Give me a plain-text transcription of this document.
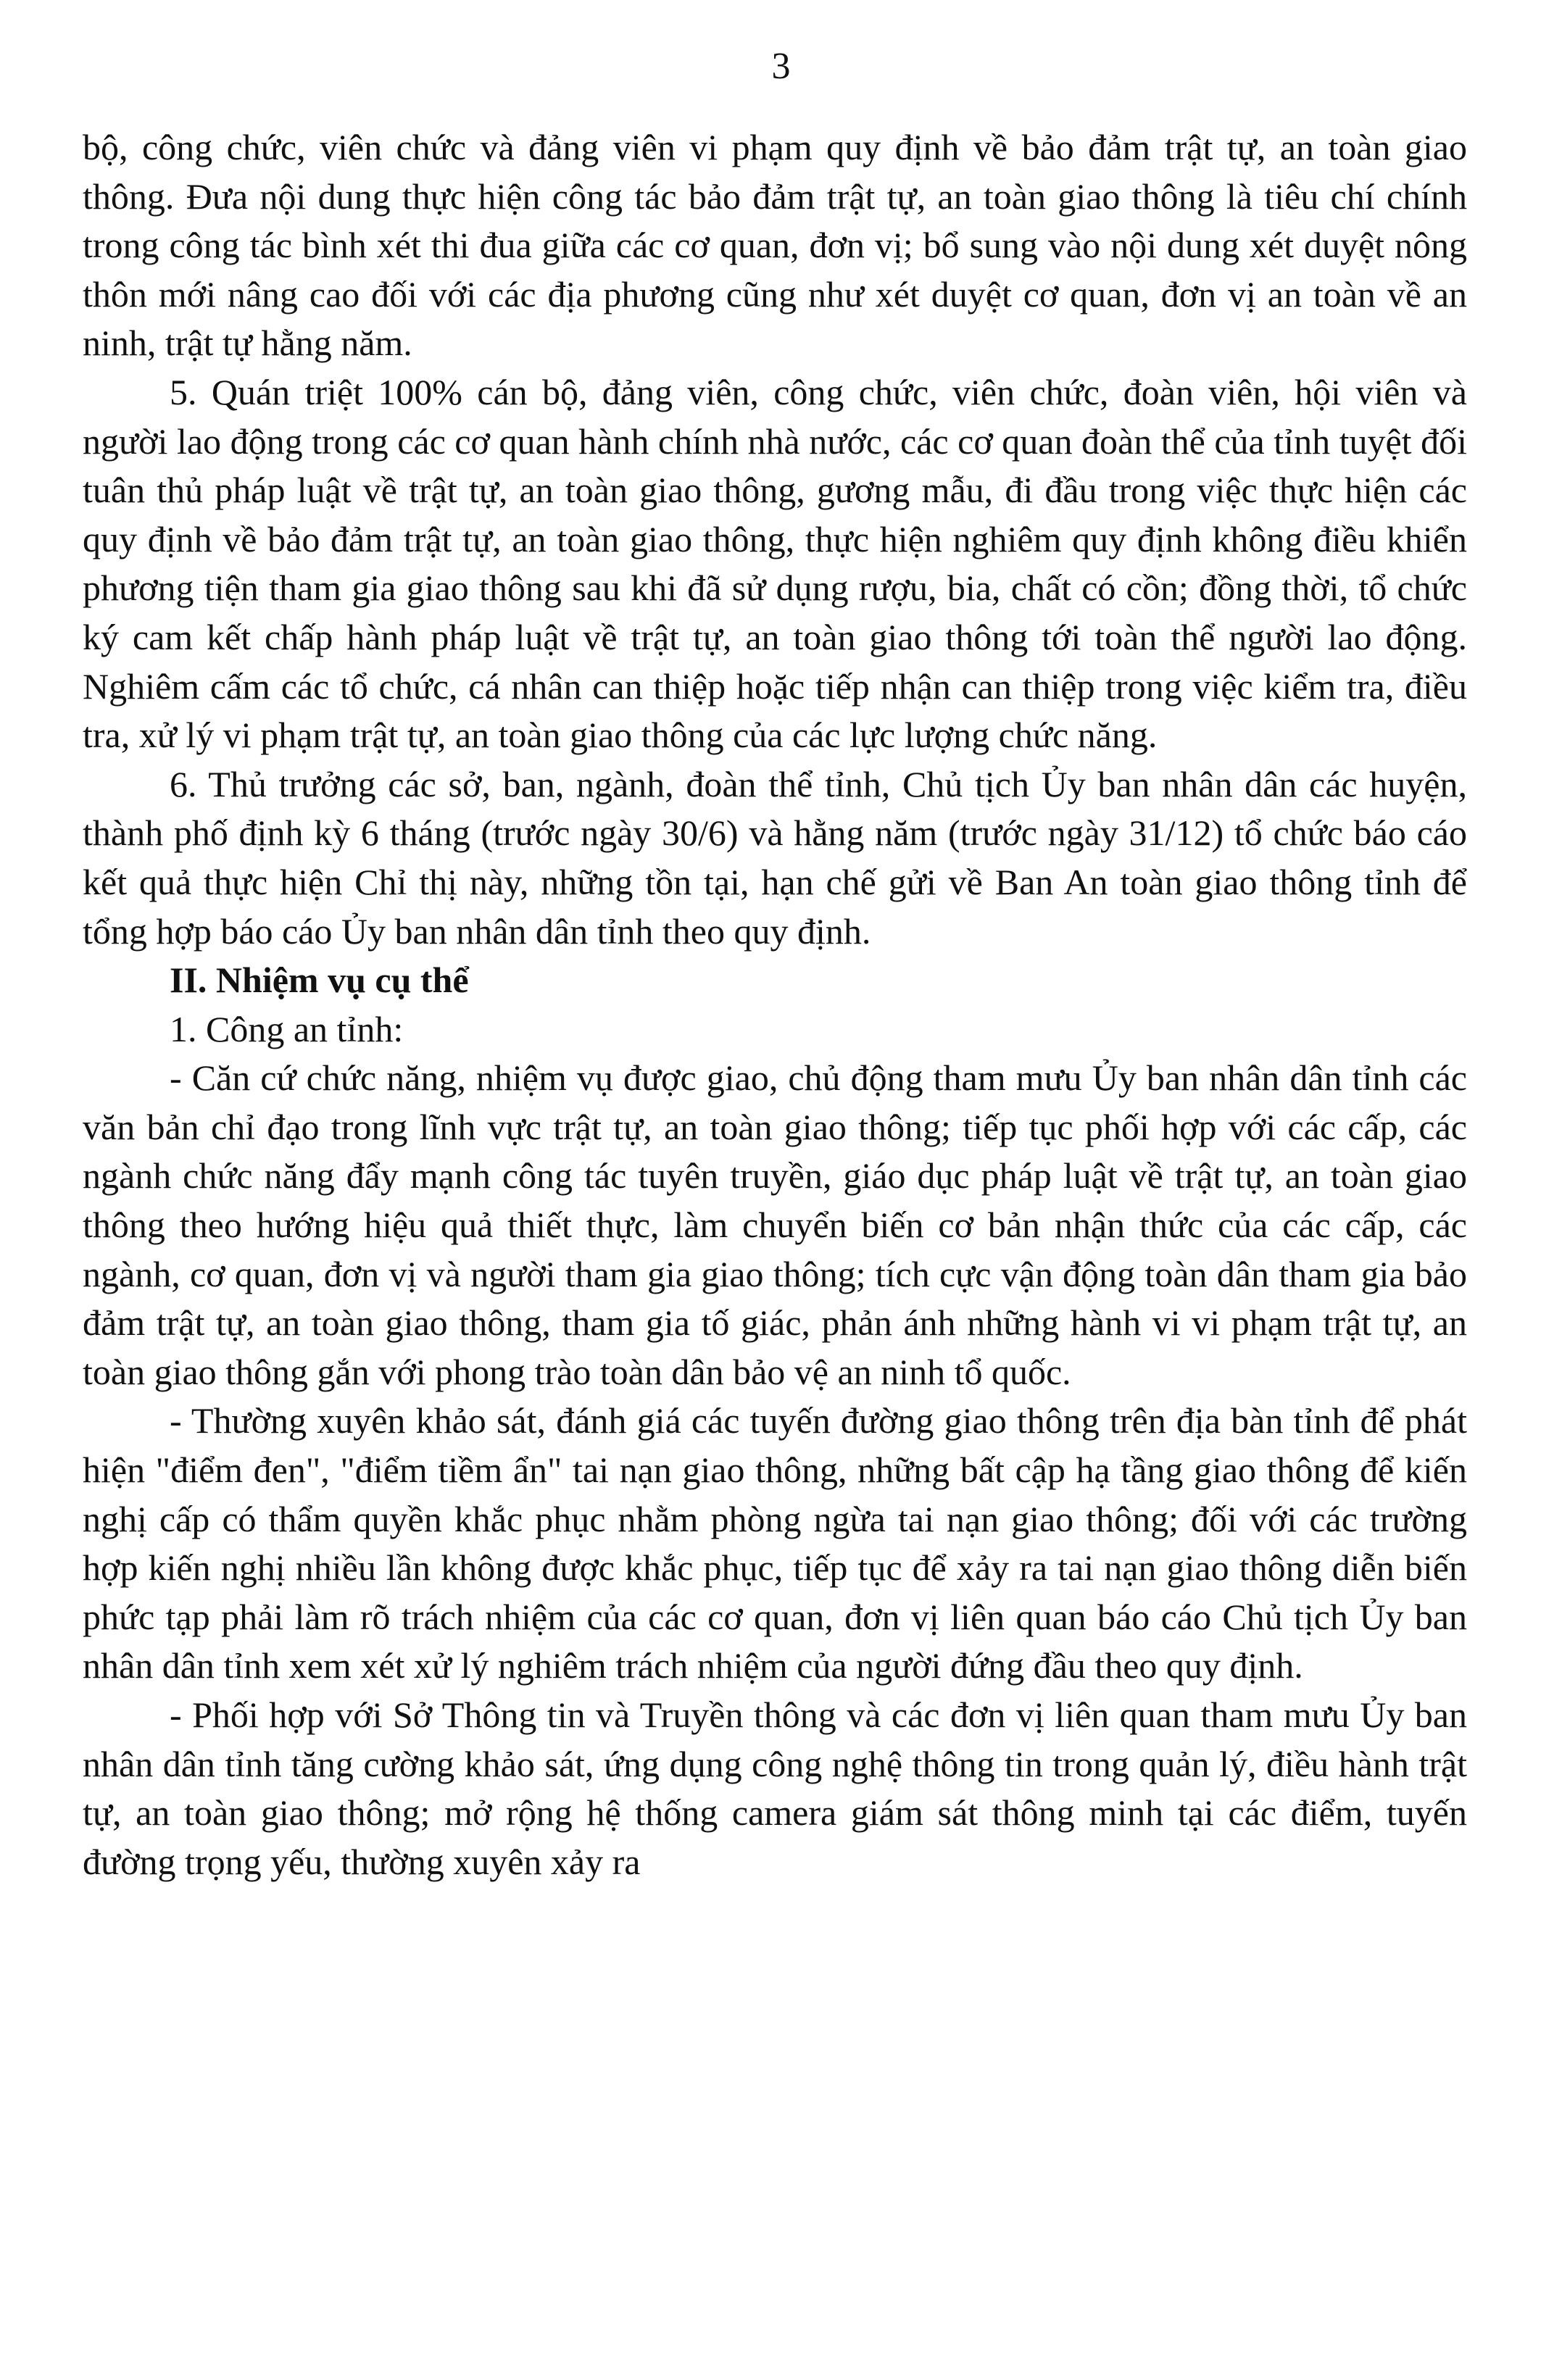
3

bộ, công chức, viên chức và đảng viên vi phạm quy định về bảo đảm trật tự, an toàn giao thông. Đưa nội dung thực hiện công tác bảo đảm trật tự, an toàn giao thông là tiêu chí chính trong công tác bình xét thi đua giữa các cơ quan, đơn vị; bổ sung vào nội dung xét duyệt nông thôn mới nâng cao đối với các địa phương cũng như xét duyệt cơ quan, đơn vị an toàn về an ninh, trật tự hằng năm.

5. Quán triệt 100% cán bộ, đảng viên, công chức, viên chức, đoàn viên, hội viên và người lao động trong các cơ quan hành chính nhà nước, các cơ quan đoàn thể của tỉnh tuyệt đối tuân thủ pháp luật về trật tự, an toàn giao thông, gương mẫu, đi đầu trong việc thực hiện các quy định về bảo đảm trật tự, an toàn giao thông, thực hiện nghiêm quy định không điều khiển phương tiện tham gia giao thông sau khi đã sử dụng rượu, bia, chất có cồn; đồng thời, tổ chức ký cam kết chấp hành pháp luật về trật tự, an toàn giao thông tới toàn thể người lao động. Nghiêm cấm các tổ chức, cá nhân can thiệp hoặc tiếp nhận can thiệp trong việc kiểm tra, điều tra, xử lý vi phạm trật tự, an toàn giao thông của các lực lượng chức năng.

6. Thủ trưởng các sở, ban, ngành, đoàn thể tỉnh, Chủ tịch Ủy ban nhân dân các huyện, thành phố định kỳ 6 tháng (trước ngày 30/6) và hằng năm (trước ngày 31/12) tổ chức báo cáo kết quả thực hiện Chỉ thị này, những tồn tại, hạn chế gửi về Ban An toàn giao thông tỉnh để tổng hợp báo cáo Ủy ban nhân dân tỉnh theo quy định.

II. Nhiệm vụ cụ thể

1. Công an tỉnh:

- Căn cứ chức năng, nhiệm vụ được giao, chủ động tham mưu Ủy ban nhân dân tỉnh các văn bản chỉ đạo trong lĩnh vực trật tự, an toàn giao thông; tiếp tục phối hợp với các cấp, các ngành chức năng đẩy mạnh công tác tuyên truyền, giáo dục pháp luật về trật tự, an toàn giao thông theo hướng hiệu quả thiết thực, làm chuyển biến cơ bản nhận thức của các cấp, các ngành, cơ quan, đơn vị và người tham gia giao thông; tích cực vận động toàn dân tham gia bảo đảm trật tự, an toàn giao thông, tham gia tố giác, phản ánh những hành vi vi phạm trật tự, an toàn giao thông gắn với phong trào toàn dân bảo vệ an ninh tổ quốc.

- Thường xuyên khảo sát, đánh giá các tuyến đường giao thông trên địa bàn tỉnh để phát hiện "điểm đen", "điểm tiềm ẩn" tai nạn giao thông, những bất cập hạ tầng giao thông để kiến nghị cấp có thẩm quyền khắc phục nhằm phòng ngừa tai nạn giao thông; đối với các trường hợp kiến nghị nhiều lần không được khắc phục, tiếp tục để xảy ra tai nạn giao thông diễn biến phức tạp phải làm rõ trách nhiệm của các cơ quan, đơn vị liên quan báo cáo Chủ tịch Ủy ban nhân dân tỉnh xem xét xử lý nghiêm trách nhiệm của người đứng đầu theo quy định.

- Phối hợp với Sở Thông tin và Truyền thông và các đơn vị liên quan tham mưu Ủy ban nhân dân tỉnh tăng cường khảo sát, ứng dụng công nghệ thông tin trong quản lý, điều hành trật tự, an toàn giao thông; mở rộng hệ thống camera giám sát thông minh tại các điểm, tuyến đường trọng yếu, thường xuyên xảy ra
